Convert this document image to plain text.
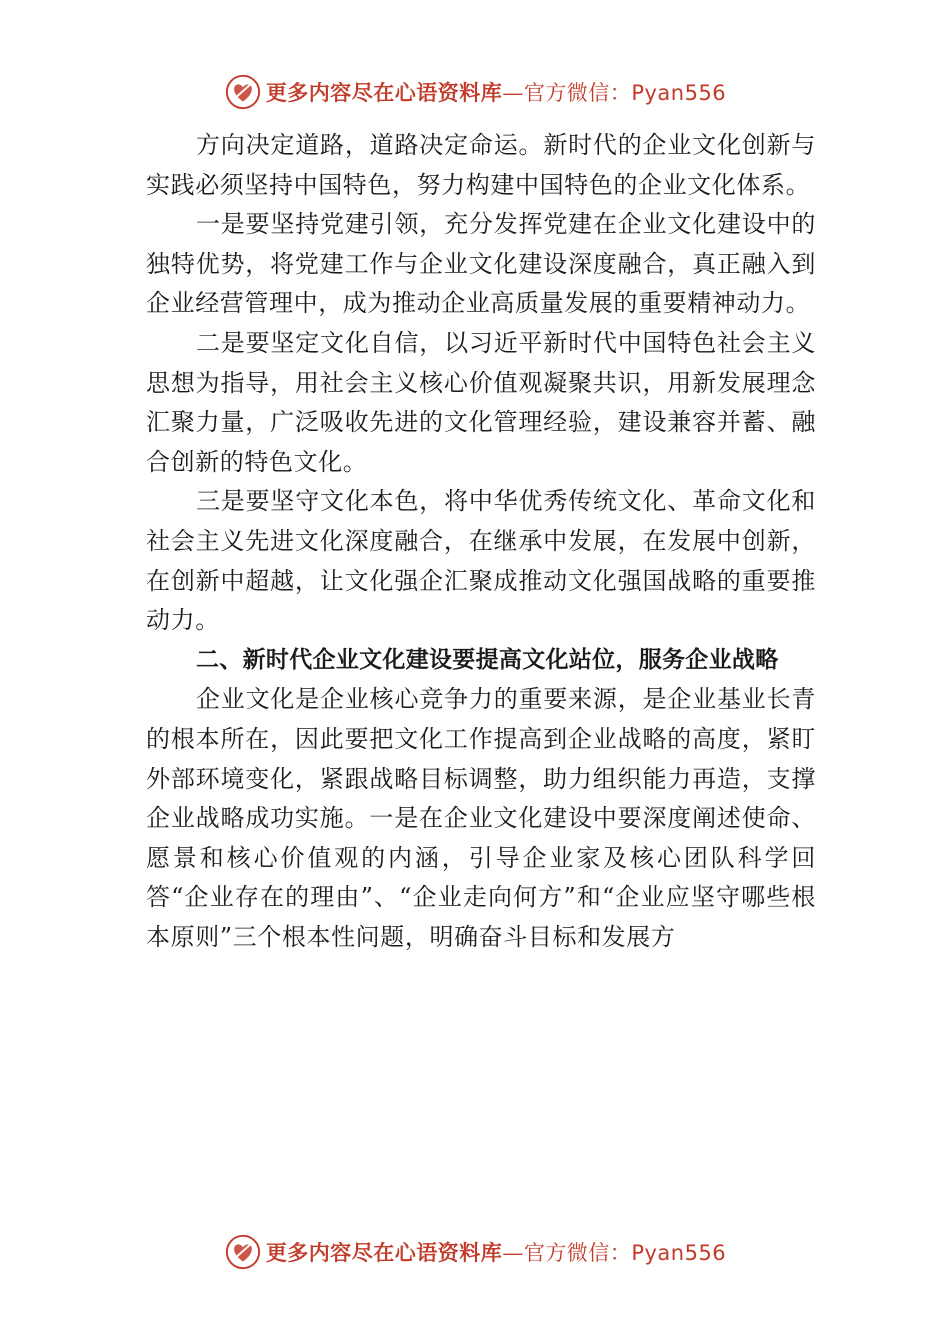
更多内容尽在心语资料库—官方微信：Pyan556

方向决定道路，道路决定命运。新时代的企业文化创新与实践必须坚持中国特色，努力构建中国特色的企业文化体系。

一是要坚持党建引领，充分发挥党建在企业文化建设中的独特优势，将党建工作与企业文化建设深度融合，真正融入到企业经营管理中，成为推动企业高质量发展的重要精神动力。

二是要坚定文化自信，以习近平新时代中国特色社会主义思想为指导，用社会主义核心价值观凝聚共识，用新发展理念汇聚力量，广泛吸收先进的文化管理经验，建设兼容并蓄、融合创新的特色文化。

三是要坚守文化本色，将中华优秀传统文化、革命文化和社会主义先进文化深度融合，在继承中发展，在发展中创新，在创新中超越，让文化强企汇聚成推动文化强国战略的重要推动力。

二、新时代企业文化建设要提高文化站位，服务企业战略

企业文化是企业核心竞争力的重要来源，是企业基业长青的根本所在，因此要把文化工作提高到企业战略的高度，紧盯外部环境变化，紧跟战略目标调整，助力组织能力再造，支撑企业战略成功实施。一是在企业文化建设中要深度阐述使命、愿景和核心价值观的内涵，引导企业家及核心团队科学回答“企业存在的理由”、“企业走向何方”和“企业应坚守哪些根本原则”三个根本性问题，明确奋斗目标和发展方

更多内容尽在心语资料库—官方微信：Pyan556
